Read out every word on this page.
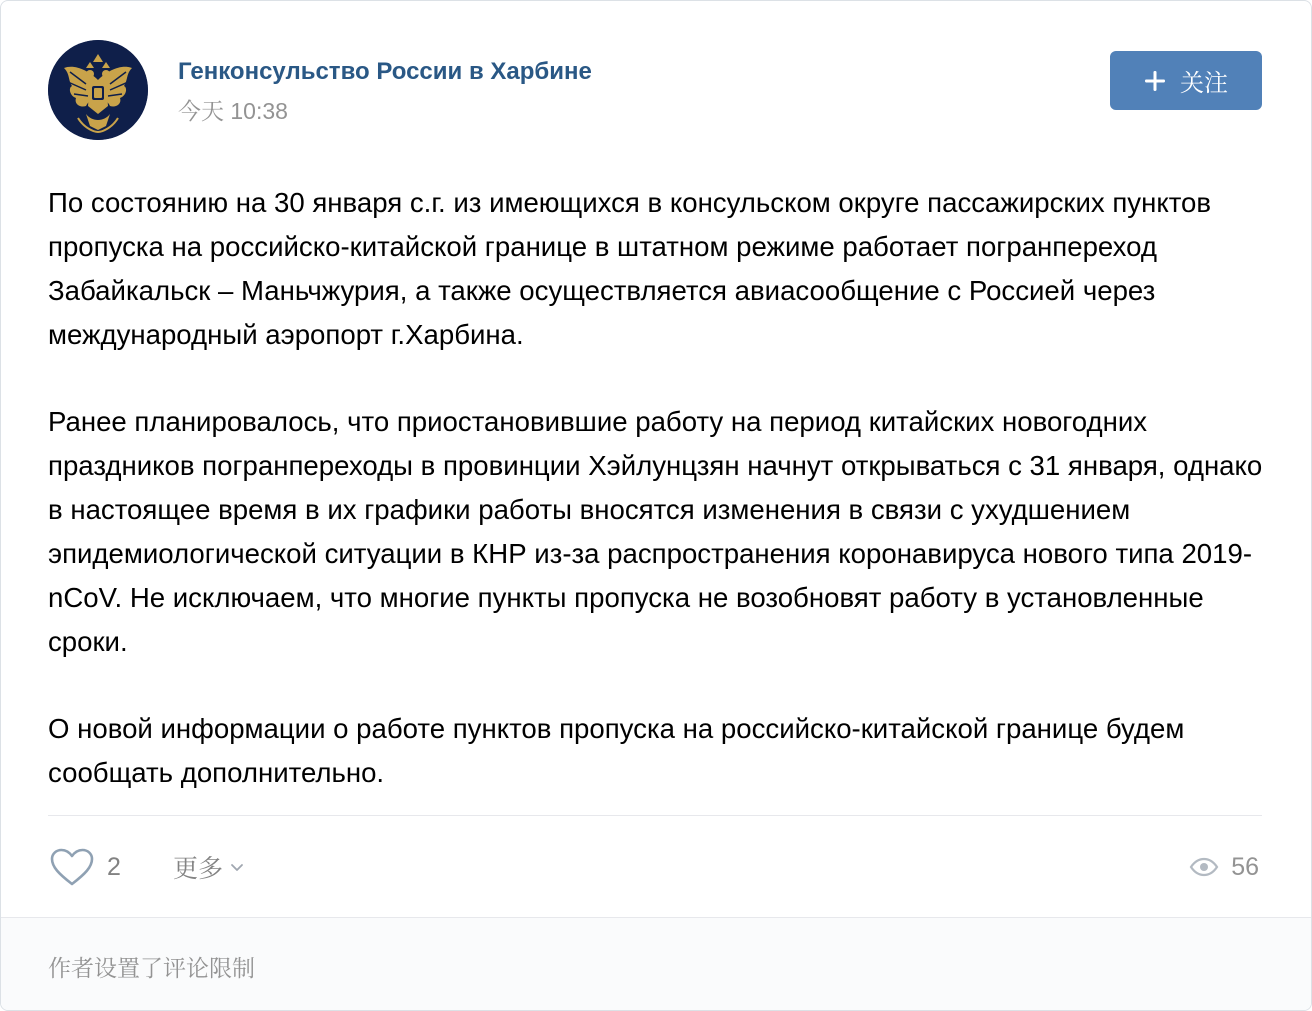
Генконсульство России в Харбине
今天 10:38
关注

По состоянию на 30 января с.г. из имеющихся в консульском округе пассажирских пунктов пропуска на российско-китайской границе в штатном режиме работает погранпереход Забайкальск – Маньчжурия, а также осуществляется авиасообщение с Россией через международный аэропорт г.Харбина.

Ранее планировалось, что приостановившие работу на период китайских новогодних праздников погранпереходы в провинции Хэйлунцзян начнут открываться с 31 января, однако в настоящее время в их графики работы вносятся изменения в связи с ухудшением эпидемиологической ситуации в КНР из-за распространения коронавируса нового типа 2019-nCoV. Не исключаем, что многие пункты пропуска не возобновят работу в установленные сроки.

О новой информации о работе пунктов пропуска на российско-китайской границе будем сообщать дополнительно.

2 更多	56
作者设置了评论限制
